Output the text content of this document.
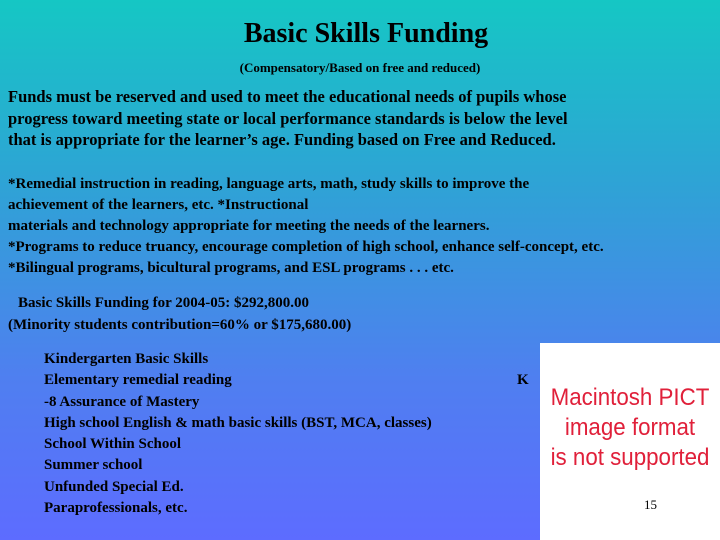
Basic Skills Funding
(Compensatory/Based on free and reduced)
Funds must be reserved and used to meet the educational needs of pupils whose
progress toward meeting state or local performance standards is below the level
that is appropriate for the learner’s age. Funding based on Free and Reduced.
*Remedial instruction in reading, language arts, math, study skills to improve the
achievement of the learners, etc. *Instructional
materials and technology appropriate for meeting the needs of the learners.
*Programs to reduce truancy, encourage completion of high school, enhance self-concept, etc.
*Bilingual programs, bicultural programs, and ESL programs . . . etc.
Basic Skills Funding for 2004-05: $292,800.00
(Minority students contribution=60% or $175,680.00)
Kindergarten Basic Skills
Elementary remedial reading	K
-8 Assurance of Mastery
High school English & math basic skills (BST, MCA, classes)
School Within School
Summer school
Unfunded Special Ed.
Paraprofessionals, etc.
Macintosh PICT
image format
is not supported
15
